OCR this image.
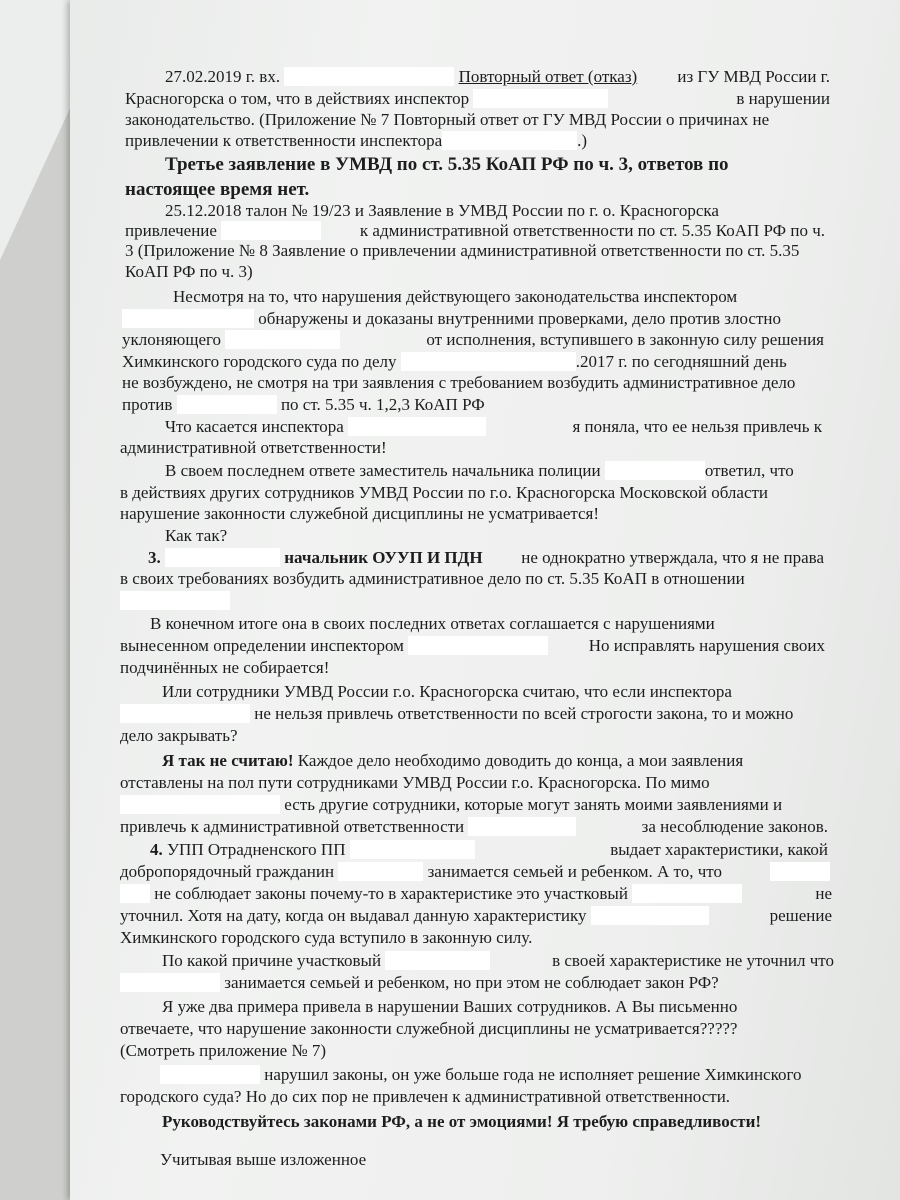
27.02.2019 г. вх.	Повторный ответ (отказ) из ГУ МВД России г.
Красногорска о том, что в действиях инспектор	в нарушении
законодательство. (Приложение № 7 Повторный ответ от ГУ МВД России о причинах не
привлечении к ответственности инспектора	.)
Третье заявление в УМВД по ст. 5.35 КоАП РФ по ч. 3, ответов по
настоящее время нет.
25.12.2018 талон № 19/23 и Заявление в УМВД России по г. о. Красногорска
привлечение	к административной ответственности по ст. 5.35 КоАП РФ по ч.
3 (Приложение № 8 Заявление о привлечении административной ответственности по ст. 5.35
КоАП РФ по ч. 3)
Несмотря на то, что нарушения действующего законодательства инспектором
обнаружены и доказаны внутренними проверками, дело против злостно
уклоняющего	от исполнения, вступившего в законную силу решения
Химкинского городского суда по делу	.2017 г. по сегодняшний день
не возбуждено, не смотря на три заявления с требованием возбудить административное дело
против	по ст. 5.35 ч. 1,2,3 КоАП РФ
Что касается инспектора	я поняла, что ее нельзя привлечь к
административной ответственности!
В своем последнем ответе заместитель начальника полиции	ответил, что
в действиях других сотрудников УМВД России по г.о. Красногорска Московской области
нарушение законности служебной дисциплины не усматривается!
Как так?
3.	начальник ОУУП И ПДН не однократно утверждала, что я не права
в своих требованиях возбудить административное дело по ст. 5.35 КоАП в отношении
В конечном итоге она в своих последних ответах соглашается с нарушениями
вынесенном определении инспектором	Но исправлять нарушения своих
подчинённых не собирается!
Или сотрудники УМВД России г.о. Красногорска считаю, что если инспектора
не нельзя привлечь ответственности по всей строгости закона, то и можно
дело закрывать?
Я так не считаю! Каждое дело необходимо доводить до конца, а мои заявления
отставлены на пол пути сотрудниками УМВД России г.о. Красногорска. По мимо
есть другие сотрудники, которые могут занять моими заявлениями и
привлечь к административной ответственности	за несоблюдение законов.
4. УПП Отрадненского ПП	выдает характеристики, какой
добропорядочный гражданин	занимается семьей и ребенком. А то, что
не соблюдает законы почему-то в характеристике это участковый	не
уточнил. Хотя на дату, когда он выдавал данную характеристику	решение
Химкинского городского суда вступило в законную силу.
По какой причине участковый	в своей характеристике не уточнил что
занимается семьей и ребенком, но при этом не соблюдает закон РФ?
Я уже два примера привела в нарушении Ваших сотрудников. А Вы письменно
отвечаете, что нарушение законности служебной дисциплины не усматривается?????
(Смотреть приложение № 7)
нарушил законы, он уже больше года не исполняет решение Химкинского
городского суда? Но до сих пор не привлечен к административной ответственности.
Руководствуйтесь законами РФ, а не от эмоциями! Я требую справедливости!
Учитывая выше изложенное
